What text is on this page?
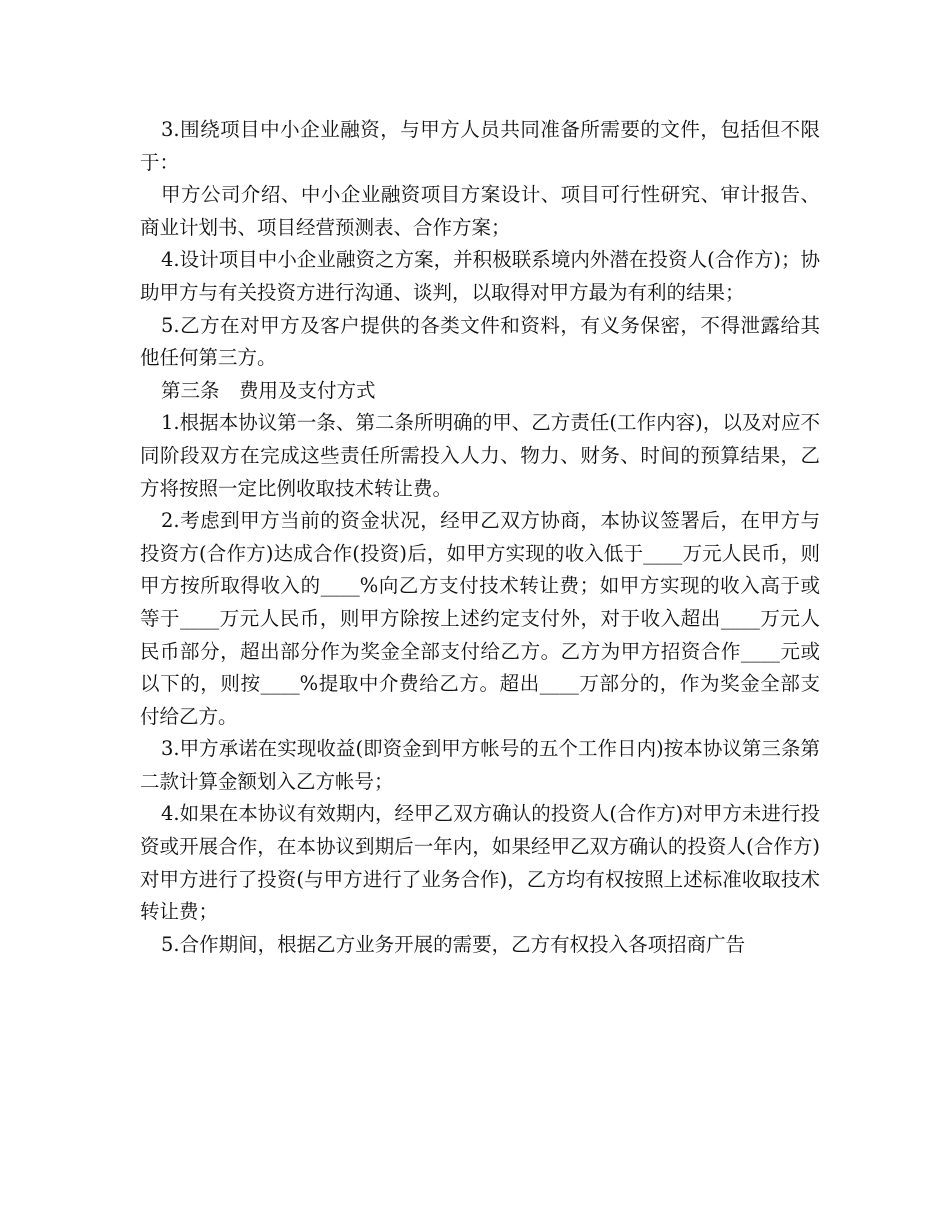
3.围绕项目中小企业融资，与甲方人员共同准备所需要的文件，包括但不限于：

甲方公司介绍、中小企业融资项目方案设计、项目可行性研究、审计报告、商业计划书、项目经营预测表、合作方案；

4.设计项目中小企业融资之方案，并积极联系境内外潜在投资人(合作方)；协助甲方与有关投资方进行沟通、谈判，以取得对甲方最为有利的结果；

5.乙方在对甲方及客户提供的各类文件和资料，有义务保密，不得泄露给其他任何第三方。

第三条　费用及支付方式

1.根据本协议第一条、第二条所明确的甲、乙方责任(工作内容)，以及对应不同阶段双方在完成这些责任所需投入人力、物力、财务、时间的预算结果，乙方将按照一定比例收取技术转让费。

2.考虑到甲方当前的资金状况，经甲乙双方协商，本协议签署后，在甲方与投资方(合作方)达成合作(投资)后，如甲方实现的收入低于____万元人民币，则甲方按所取得收入的____%向乙方支付技术转让费；如甲方实现的收入高于或等于____万元人民币，则甲方除按上述约定支付外，对于收入超出____万元人民币部分，超出部分作为奖金全部支付给乙方。乙方为甲方招资合作____元或以下的，则按____%提取中介费给乙方。超出____万部分的，作为奖金全部支付给乙方。

3.甲方承诺在实现收益(即资金到甲方帐号的五个工作日内)按本协议第三条第二款计算金额划入乙方帐号；

4.如果在本协议有效期内，经甲乙双方确认的投资人(合作方)对甲方未进行投资或开展合作，在本协议到期后一年内，如果经甲乙双方确认的投资人(合作方)对甲方进行了投资(与甲方进行了业务合作)，乙方均有权按照上述标准收取技术转让费；

5.合作期间，根据乙方业务开展的需要，乙方有权投入各项招商广告
